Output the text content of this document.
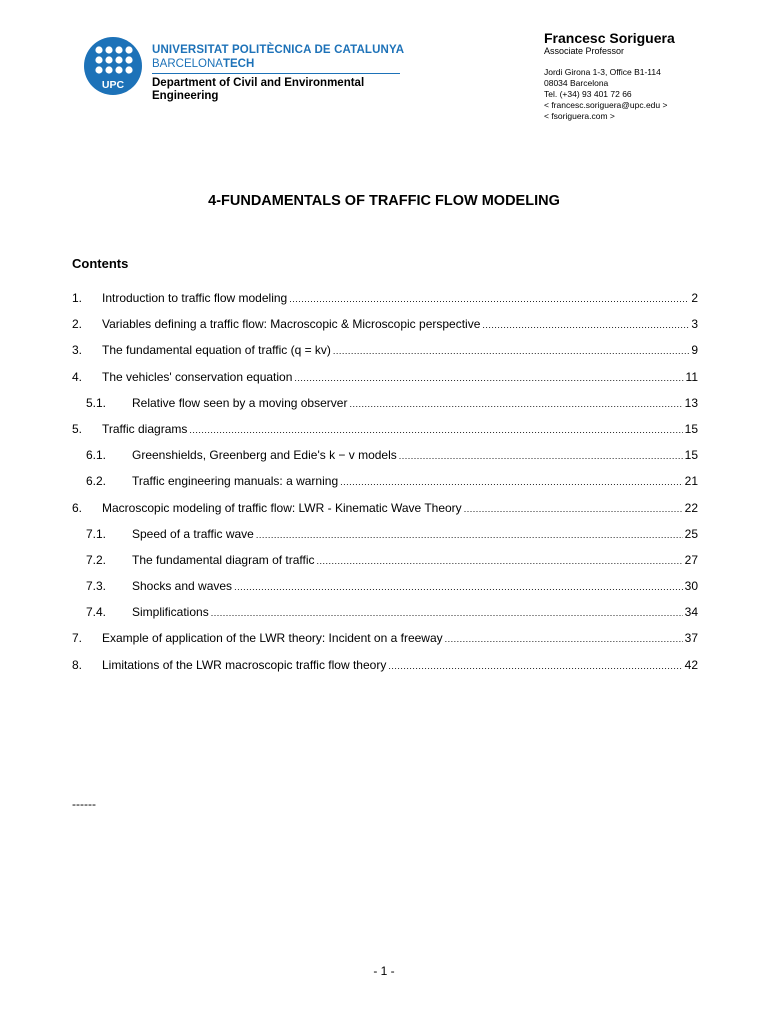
UPC
UNIVERSITAT POLITÈCNICA DE CATALUNYA
BARCELONATECH
Department of Civil and Environmental
Engineering
Francesc Soriguera
Associate Professor
Jordi Girona 1-3, Office B1-114
08034 Barcelona
Tel. (+34) 93 401 72 66
< francesc.soriguera@upc.edu >
< fsoriguera.com >
4-FUNDAMENTALS OF TRAFFIC FLOW MODELING
Contents
1. Introduction to traffic flow modeling .....	2
2. Variables defining a traffic flow: Macroscopic & Microscopic perspective .....	3
3. The fundamental equation of traffic (q = kv) .....	9
4. The vehicles' conservation equation .....	11
5.1. Relative flow seen by a moving observer .....	13
5. Traffic diagrams .....	15
6.1. Greenshields, Greenberg and Edie's k − v models .....	15
6.2. Traffic engineering manuals: a warning .....	21
6. Macroscopic modeling of traffic flow: LWR - Kinematic Wave Theory .....	22
7.1. Speed of a traffic wave .....	25
7.2. The fundamental diagram of traffic .....	27
7.3. Shocks and waves .....	30
7.4. Simplifications .....	34
7. Example of application of the LWR theory: Incident on a freeway .....	37
8. Limitations of the LWR macroscopic traffic flow theory .....	42
------
- 1 -
